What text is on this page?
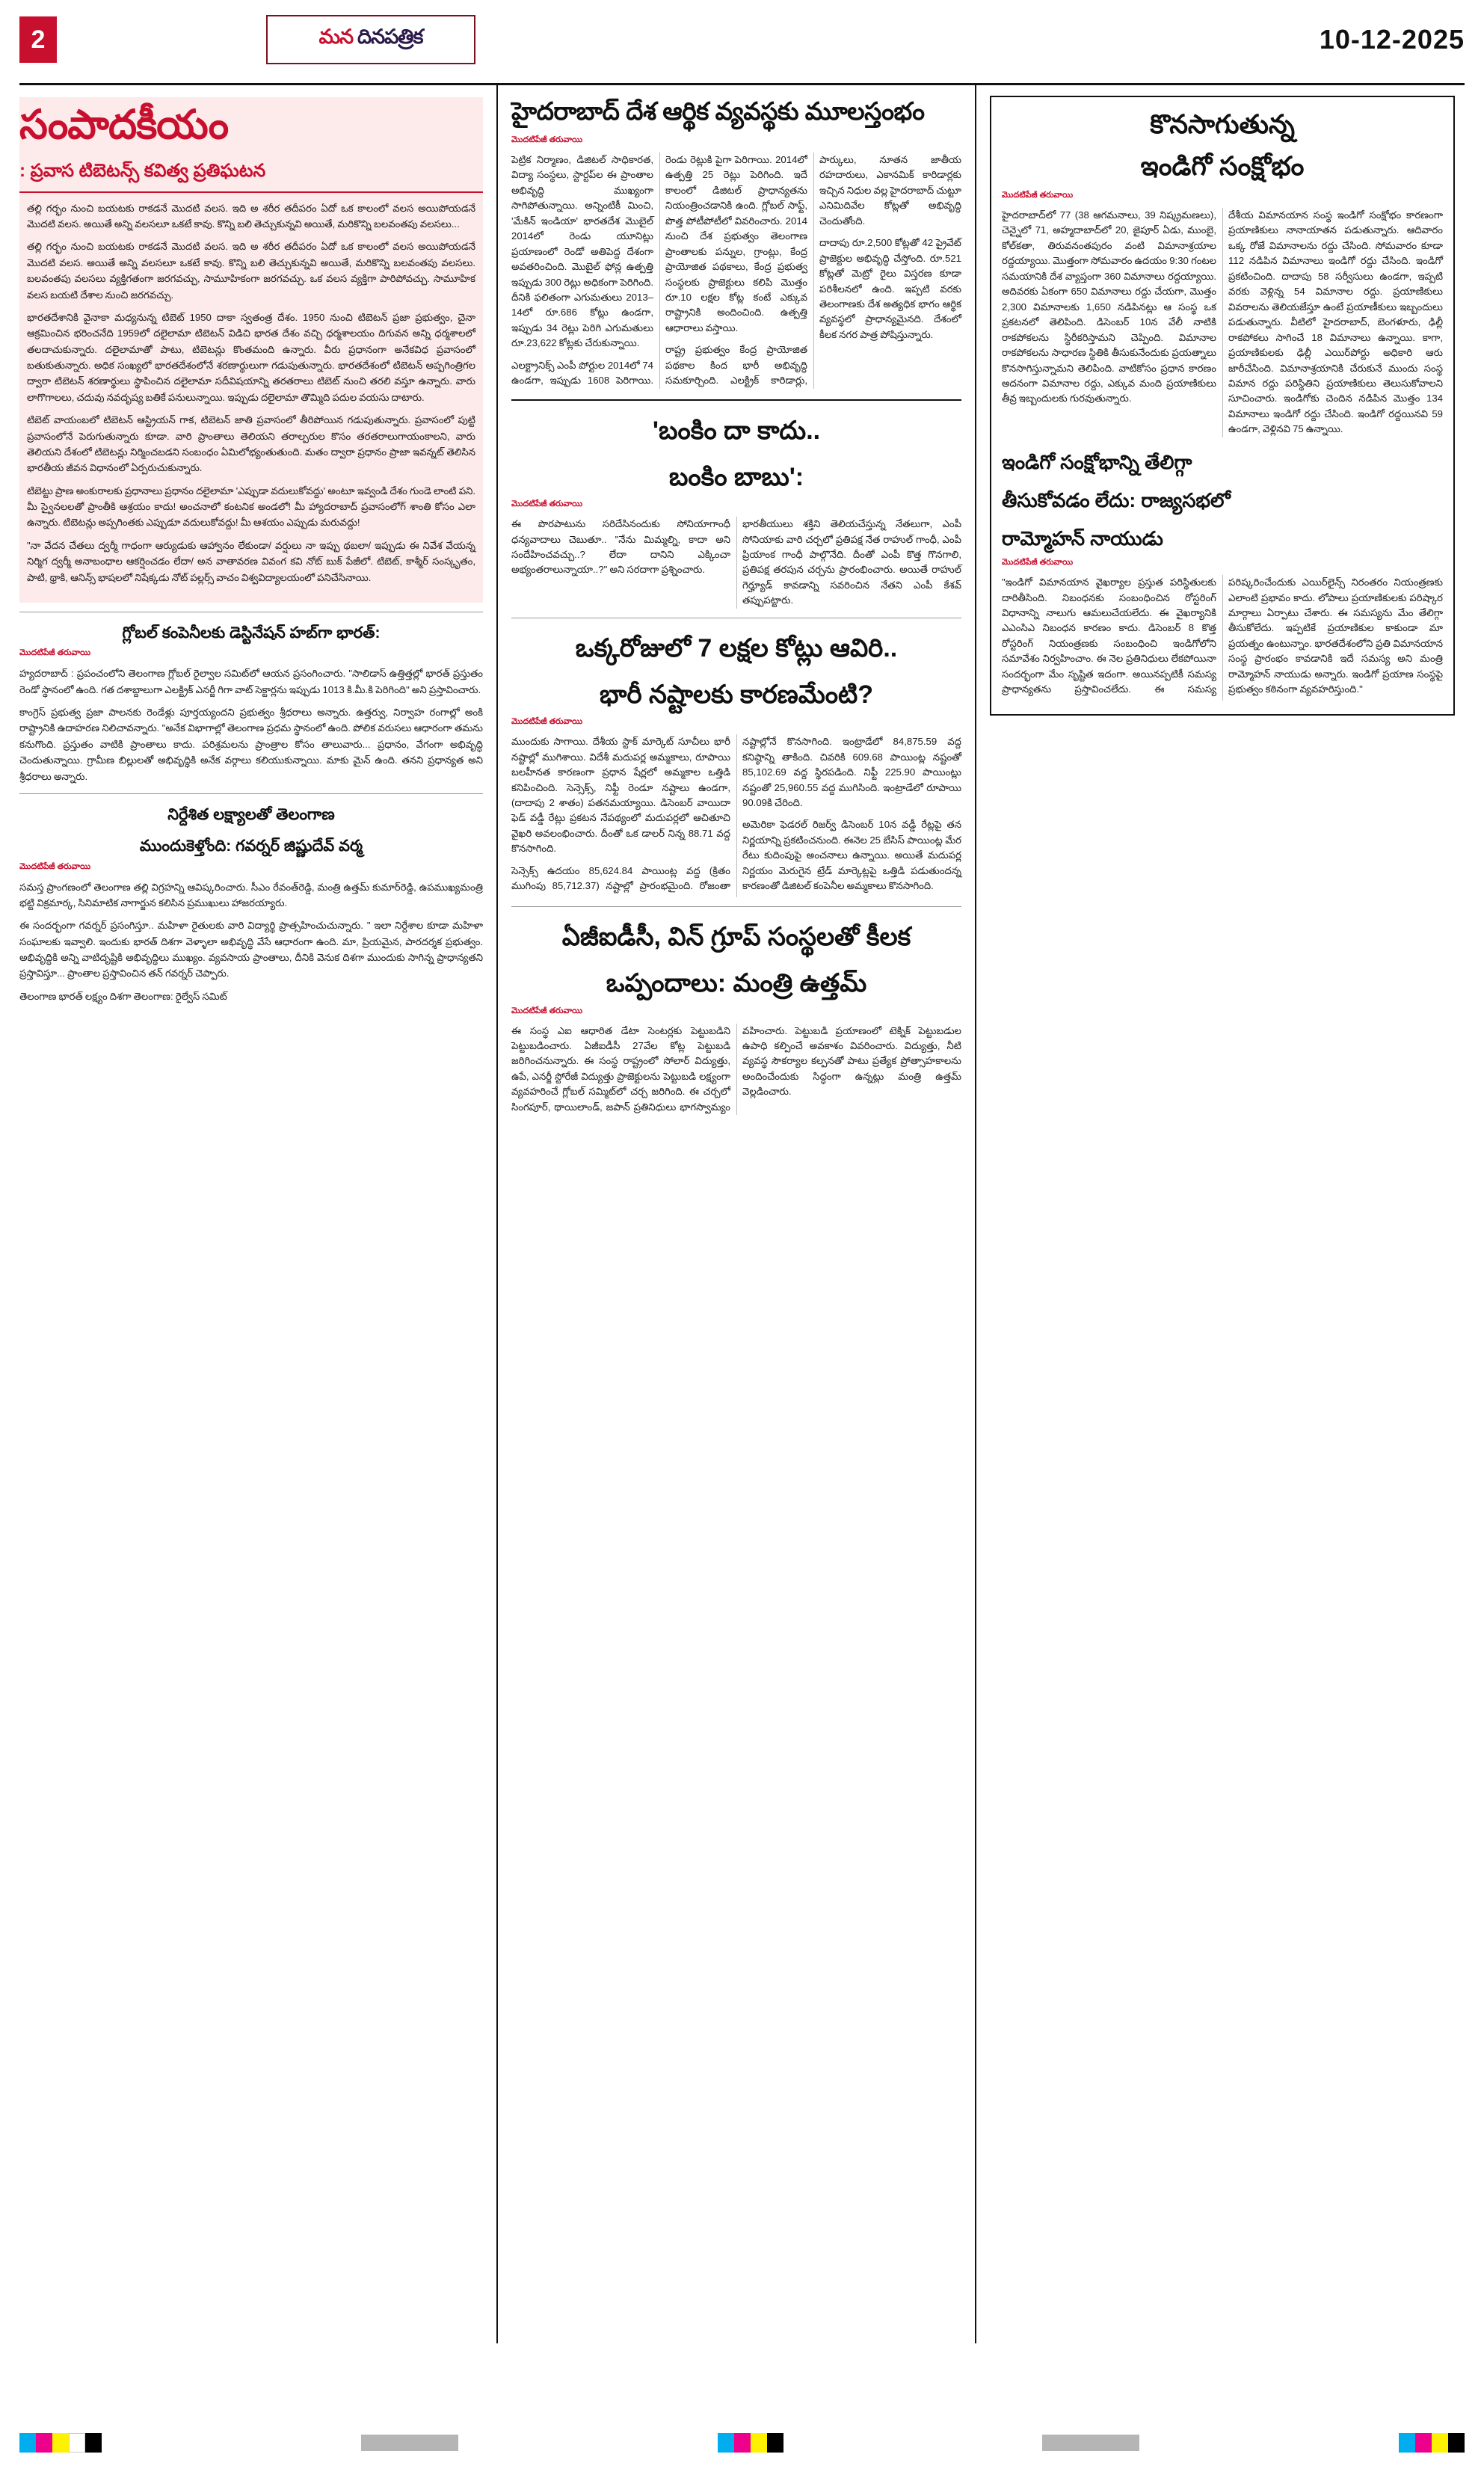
2	మన దినపత్రిక	10-12-2025
సంపాదకీయం
: ప్రవాస టిబెటన్స్ కవిత్వ ప్రతిఘటన

తల్లి గర్భం నుంచి బయటకు రాకడనే మొదటి వలస. ఇది అ శరీర తదీపరం ఏదో ఒక కాలంలో వలస అయిపోయడనే మొదటి వలస. అయితే అన్ని వలసలూ ఒకటే కావు. కొన్ని బలి తెచ్చుకున్నవి అయితే, మరికొన్ని బలవంతపు వలసలు...

తల్లి గర్భం నుంచి బయటకు రాకడనే మొదటి వలస. ఇది అ శరీర తదీపరం ఏదో ఒక కాలంలో వలస అయిపోయడనే మొదటి వలస. అయితే అన్ని వలసలూ ఒకటే కావు. కొన్ని బలి తెచ్చుకున్నవి అయితే, మరికొన్ని బలవంతపు వలసలు. బలవంతపు వలసలు వ్యక్తిగతంగా జరగవచ్చు, సామూహికంగా జరగవచ్చు. ఒక వలస వ్యక్తిగా పారిపోవచ్చు. సామూహిక వలస బయటి దేశాల నుంచి జరగవచ్చు.

భారతదేశానికి వైనాకా మధ్యనున్న టిబెట్ 1950 దాకా స్వతంత్ర దేశం. 1950 నుంచి టిబెటన్ ప్రజా ప్రభుత్వం, చైనా ఆక్రమించిన భరించనేది 1959లో దలైలామా టిబెటన్ విడిచి భారత దేశం వచ్చి ధర్మశాలయం దిగువన అన్ని ధర్మశాలలో తలదాచుకున్నారు. దలైలామాతో పాటు, టిబెటన్లు కొంతమంది ఉన్నారు. వీరు ప్రధానంగా అనేకవిధ ప్రవాసంలో బతుకుతున్నారు. అధిక సంఖ్యలో భారతదేశంలోనే శరణార్థులుగా గడుపుతున్నారు. భారతదేశంలో టిబెటన్ అప్పగింత్రిగల ద్వారా టిబెటన్ శరణార్థులు స్థాపించిన దలైలామా సదీవిషయాన్ని తరతరాలు టిబెట్ నుంచి తరలి వస్తూ ఉన్నారు. వారు లాగొగాలలు, చదువు నవదృష్య బతికే పనులున్నాయి. ఇప్పుడు దలైలామా తొమ్మిది పదుల వయసు దాటారు.

టిబెట్ వాయంబలో టిబెటన్ ఆస్ట్రియన్ గాక, టిబెటన్ జాతి ప్రవాసంలో తీరిపోయిన గడుపుతున్నారు. ప్రవాసంలో పుట్టి ప్రవాసంలోనే పెరుగుతున్నారు కూడా. వారి ప్రాంతాలు తెలియని తరాల్పరుల కొసం తరతరాలుగాయంకాలని, వారు తెలియని దేశంలో టిబెటన్లు నిర్మించబడని సంబంధం ఏమిలోభ్యంతుతుంది. మతం ద్వారా ప్రధానం ప్రాజా ఇవన్నట్ తెలిసిన భారతీయ జీవన విధానంలో ఏర్పరుచుకున్నారు.

టిబెట్టు ప్రాణ అంకురాలకు ప్రధానాలు ప్రధానం దలైలామా 'ఎప్పుడా వదులుకోవద్దు' అంటూ ఇవ్వండి దేశం గుండె లాంటి పని. మీ స్వైనలలతో ప్రాంతీకి ఆశ్రయం కాదు! అంచనాలో కంటనిక అండలో! మీ హ్యాదరాబాద్ ప్రవాసంలోగ్ శాంతి కోసం ఎలా ఉన్నారు. టిబెటన్లు అప్పగింతకు ఎప్పుడూ వదులుకోవద్దు! మీ ఆశయం ఎప్పుడు మరువద్దు!

"నా వేదన చేతలు ద్వర్మీ గాధంగా ఆర్యుడుకు ఆహ్వానం లేకుండా/ వర్షులు నా ఇప్పు థబలా/ ఇప్పుడు ఈ నివేశ వేయన్న నిర్మిగ ద్వర్మీ అనాబంధాల ఆకర్షించడం లేదా/ అన వాతావరణ వివంగ కవి నోట్ బుక్ పేజీలో. టిబెట్, కాశ్మీర్ సంస్కృతం, పాటి, థ్రాకి, ఆనిన్స్ భాషలలో నిషేక్కడు నోట్ పల్లర్స్ వాచం విశ్వవిద్యాలయంలో పనిచేసినాయి.

గ్లోబల్ కంపెనీలకు డెస్టినేషన్ హబ్‌గా భారత్:
మొదటిపేజీ తరువాయి

హ్యదరాబాద్ : ప్రపంచంలోని తెలంగాణ గ్లోబల్ రైల్వాల సమిట్‌లో ఆయన ప్రసంగించారు. "సాలిడాస్ ఉత్తిత్తల్లో భారత్ ప్రస్తుతం రెండో స్థానంలో ఉంది. గత దశాబ్దాలుగా ఎలక్ట్రిక్ ఎనర్జీ గిగా వాట్ సెక్టార్లను ఇప్పుడు 1013 కి.మీ.కి పెరిగింది" అని ప్రస్తావించారు.

కాంగ్రెస్ ప్రభుత్వ ప్రజా పాలనకు రెండేళ్లు పూర్తయ్యందని ప్రభుత్వం శ్రీధరాలు అన్నారు. ఉత్తర్వు, నిర్వాహ రంగాల్లో అంకి రాష్ట్రానికి ఉదాహరణ నిలిచావన్నారు. "అనేక విభాగాల్లో తెలంగాణ ప్రధమ స్థానంలో ఉంది. పోలిక వరుసలు ఆధారంగా తమను కనుగొంది. ప్రస్తుతం వాటికి ప్రాంతాలు కాదు. పరిశ్రమలను ప్రాంత్రాల కోసం తాలువారు... ప్రధానం, వేగంగా అభివృద్ధి చెందుతున్నాయి. గ్రామీణ బిల్లులతో అభివృద్ధికి అనేక వర్గాలు కలియుకున్నాయి. మాకు మైన్ ఉంది. తనని ప్రధాన్యత అని శ్రీధరాలు అన్నారు.

నిర్దేశిత లక్ష్యాలతో తెలంగాణ
ముందుకెళ్తోంది: గవర్నర్ జిష్ణుదేవ్ వర్మ
మొదటిపేజీ తరువాయి

సమస్త ప్రాంగణంలో తెలంగాణ తల్లి విగ్రహన్ని ఆవిష్కరించారు. సీఎం రేవంత్‌రెడ్డి, మంత్రి ఉత్తమ్ కుమార్‌రెడ్డి, ఉపముఖ్యమంత్రి భట్టి విక్రమార్క, సినిమాటిక నాగార్జున కలిసిన ప్రముఖులు హాజరయ్యారు.

ఈ సందర్భంగా గవర్నర్ ప్రసంగిస్తూ.. మహిళా రైతులకు వారి విద్యార్థి ప్రాత్సహించుచున్నారు. " ఇలా నిర్దేశాల కూడా మహిళా సంఘాలకు ఇవ్వాలి. ఇందుకు భారత్ దిశగా వెళ్ళాలా అభివృద్ధి వేసే ఆధారంగా ఉంది. మా, ప్రియమైన, పారదర్శక ప్రభుత్వం. అభివృద్ధికి అన్ని వాటిదృష్టికి అభివృద్ధిలు ముఖ్యం. వ్యవసాయ ప్రాంతాలు, దీనికి వెనుక దిశగా ముందుకు సాగిన్న ప్రాధాన్యతని ప్రస్తావిస్తూ... ప్రాంతాల ప్రస్తావించిన తన్ గవర్నర్ చెప్పారు.

తెలంగాణ భారత్ లక్ష్యం దిశగా తెలంగాణ: రైల్వేస్ సమిట్

హైదరాబాద్ దేశ ఆర్థిక వ్యవస్థకు మూలస్తంభం
మొదటిపేజీ తరువాయి

పెట్రిక నిర్మాణం, డిజిటల్ సాధికారత, విద్యా సంస్థలు, స్టార్టప్‌ల ఈ ప్రాంతాల అభివృద్ధి ముఖ్యంగా సాగిపోతున్నాయి. అన్నింటికీ మించి, 'మేకిన్ ఇండియా' భారతదేశ మొబైల్ 2014లో రెండు యూనిట్లు ప్రయాణంలో రెండో అతిపెద్ద దేశంగా అవతరించింది. మొబైల్ ఫోన్ల ఉత్పత్తి ఇప్పుడు 300 రెట్లు అధికంగా పెరిగింది. దీనికి ఫలితంగా ఎగుమతులు 2013–14లో రూ.686 కోట్లు ఉండగా, ఇప్పుడు 34 రెట్లు పెరిగి ఎగుమతులు రూ.23,622 కోట్లకు చేరుకున్నాయి.

ఎలక్ట్రానిక్స్ ఎంపీ పోర్టుల 2014లో 74 ఉండగా, ఇప్పుడు 1608 పెరిగాయి. రెండు రెట్లుకి పైగా పెరిగాయి. 2014లో ఉత్పత్తి 25 రెట్లు పెరిగింది. ఇదే కాలంలో డిజిటల్ ప్రాధాన్యతను నియంత్రించడానికి ఉంది. గ్లోబల్ సాఫ్ట్, పొత్త పోటీపోటీలో వివరించారు. 2014 నుంచి దేశ ప్రభుత్వం తెలంగాణ ప్రాంతాలకు పన్నుల, గ్రాంట్లు, కేంద్ర ప్రాయోజిత పథకాలు, కేంద్ర ప్రభుత్వ సంస్థలకు ప్రాజెక్టులు కలిపి మొత్తం రూ.10 లక్షల కోట్ల కంటే ఎక్కువ రాష్ట్రానికి అందించింది. ఉత్పత్తి ఆధారాలు వస్తాయి.

రాష్ట్ర ప్రభుత్వం కేంద్ర ప్రాయోజిత పథకాల కింద భారీ అభివృద్ధి సమకూర్చింది. ఎలక్ట్రిక్ కారిడార్లు, పార్కులు, నూతన జాతీయ రహదారులు, ఎకానమిక్ కారిడార్లకు ఇచ్చిన నిధుల వల్ల హైదరాబాద్ చుట్టూ ఎనిమిదివేల కోట్లతో అభివృద్ధి చెందుతోంది.

దాదాపు రూ.2,500 కోట్లతో 42 ప్రైవేట్ ప్రాజెక్టుల అభివృద్ధి చేస్తోంది. రూ.521 కోట్లతో మెట్రో రైలు విస్తరణ కూడా పరిశీలనలో ఉంది. ఇప్పటి వరకు తెలంగాణకు దేశ అత్యధిక భాగం ఆర్థిక వ్యవస్థలో ప్రాధాన్యమైనది. దేశంలో కీలక నగర పాత్ర పోషిస్తున్నారు.

'బంకిం దా కాదు..
బంకిం బాబు':
మొదటిపేజీ తరువాయి

ఈ పొరపాటును సరిదేసినందుకు సోనియాగాంధీ ధన్యవాదాలు చెబుతూ.. "నేను మిమ్మల్ని, కాదా అని సందేహించవచ్చు..? లేదా దానిని ఎక్కించా అభ్యంతరాలున్నాయా..?" అని సరదాగా ప్రశ్నించారు.

భారతీయులు శక్తిని తెలియచేస్తున్న నేతలుగా, ఎంపీ సోనియాకు వారి చర్చలో ప్రతిపక్ష నేత రాహుల్ గాంధీ, ఎంపీ ప్రియాంక గాంధీ పాల్గొనేది. దీంతో ఎంపీ కొత్త గొనగాలి, ప్రతిపక్ష తరపున చర్చను ప్రారంభించారు. అయితే రాహుల్ గెర్హ్యూడ్ కావడాన్ని సవరించిన నేతని ఎంపీ కేశవ్ తప్పుపట్టారు.

ఒక్కరోజులో 7 లక్షల కోట్లు ఆవిరి..
భారీ నష్టాలకు కారణమేంటి?
మొదటిపేజీ తరువాయి

ముందుకు సాగాయి. దేశీయ స్టాక్ మార్కెట్ సూచీలు భారీ నష్టాల్లో ముగిశాయి. విదేశీ మదుపర్ల అమ్మకాలు, రూపాయి బలహీనత కారణంగా ప్రధాన షేర్లలో అమ్మకాల ఒత్తిడి కనిపించింది. సెన్సెక్స్, నిఫ్టీ రెండూ నష్టాలు ఉండగా, (దాదాపు 2 శాతం) పతనమయ్యాయి. డిసెంబర్ వాయిదా ఫెడ్ వడ్డీ రేట్లు ప్రకటన నేపథ్యంలో మదుపర్లలో ఆచితూచి వైఖరి అవలంభించారు. దీంతో ఒక డాలర్ నిన్న 88.71 వద్ద కొనసాగింది.

సెన్సెక్స్ ఉదయం 85,624.84 పాయింట్ల వద్ద (క్రితం ముగింపు 85,712.37) నష్టాల్లో ప్రారంభమైంది. రోజంతా నష్టాల్లోనే కొనసాగింది. ఇంట్రాడేలో 84,875.59 వద్ద కనిష్ఠాన్ని తాకింది. చివరికి 609.68 పాయింట్ల నష్టంతో 85,102.69 వద్ద స్థిరపడింది. నిఫ్టీ 225.90 పాయింట్లు నష్టంతో 25,960.55 వద్ద ముగిసింది. ఇంట్రాడేలో రూపాయి 90.09కి చేరింది.

అమెరికా ఫెడరల్ రిజర్వ్ డిసెంబర్ 10న వడ్డీ రేట్లపై తన నిర్ణయాన్ని ప్రకటించనుంది. ఈనెల 25 బేసిస్ పాయింట్ల మేర రేటు కుదింపుపై అంచనాలు ఉన్నాయి. అయితే మదుపర్ల నిర్ణయం మెరుగైన ట్రేడ్ మార్కెట్లపై ఒత్తిడి పడుతుందన్న కారణంతో డిజిటల్ కంపెనీల అమ్మకాలు కొనసాగింది.

ఏజీఐడీసీ, విన్ గ్రూప్ సంస్థలతో కీలక
ఒప్పందాలు: మంత్రి ఉత్తమ్
మొదటిపేజీ తరువాయి

ఈ సంస్థ ఎఐ ఆధారిత డేటా సెంటర్లకు పెట్టుబడిని పెట్టుబడించారు. ఏజీఐడీసీ 27వేల కోట్ల పెట్టుబడి జరిగించనున్నారు. ఈ సంస్థ రాష్ట్రంలో సోలార్ విద్యుత్తు, ఉపే, ఎనర్జీ స్టోరేజీ విద్యుత్తు ప్రాజెక్టులను పెట్టుబడి లక్ష్యంగా వ్యవహరించే గ్లోబల్ సమ్మిట్‌లో చర్చ జరిగింది. ఈ చర్చలో సింగపూర్, థాయిలాండ్, జపాన్ ప్రతినిధులు భాగస్వామ్యం వహించారు. పెట్టుబడి ప్రయాణంలో టెక్నిక్ పెట్టుబడుల ఉపాధి కల్పించే అవకాశం వివరించారు. విద్యుత్తు, నీటి వ్యవస్థ సౌకర్యాల కల్పనతో పాటు ప్రత్యేక ప్రోత్సాహకాలను అందించేందుకు సిద్ధంగా ఉన్నట్లు మంత్రి ఉత్తమ్ వెల్లడించారు.

కొనసాగుతున్న
ఇండిగో సంక్షోభం
మొదటిపేజీ తరువాయి

హైదరాబాద్‌లో 77 (38 ఆగమనాలు, 39 నిష్క్రమణలు), చెన్నైలో 71, అహ్మదాబాద్‌లో 20, జైపూర్ ఏడు, ముంబై, కోల్‌కతా, తిరువనంతపురం వంటి విమానాశ్రయాల రద్దయ్యాయి. మొత్తంగా సోమవారం ఉదయం 9:30 గంటల సమయానికి దేశ వ్యాప్తంగా 360 విమానాలు రద్దయ్యాయి. అదివరకు ఏకంగా 650 విమానాలు రద్దు చేయగా, మొత్తం 2,300 విమానాలకు 1,650 నడిపినట్లు ఆ సంస్థ ఒక ప్రకటనలో తెలిపింది. డిసెంబర్ 10న వేలీ నాటికి రాకపోకలను స్థిరీకరిస్తామని చెప్పింది. విమానాల రాకపోకలను సాధారణ స్థితికి తీసుకునేందుకు ప్రయత్నాలు కొనసాగిస్తున్నామని తెలిపింది. వాటికోసం ప్రధాన కారణం అదనంగా విమానాల రద్దు, ఎక్కువ మంది ప్రయాణికులు తీవ్ర ఇబ్బందులకు గురవుతున్నారు.

దేశీయ విమానయాన సంస్థ ఇండిగో సంక్షోభం కారణంగా ప్రయాణికులు నానాయాతన పడుతున్నారు. ఆదివారం ఒక్క రోజే విమానాలను రద్దు చేసింది. సోమవారం కూడా 112 నడిపిన విమానాలు ఇండిగో రద్దు చేసింది. ఇండిగో ప్రకటించింది. దాదాపు 58 సర్వీసులు ఉండగా, ఇప్పటి వరకు వెళ్లిన్న 54 విమానాల రద్దు. ప్రయాణికులు వివరాలను తెలియజేస్తూ ఉంటే ప్రయాణీకులు ఇబ్బందులు పడుతున్నారు. వీటిలో హైదరాబాద్, బెంగళూరు, ఢిల్లీ రాకపోకలు సాగించే 18 విమానాలు ఉన్నాయి. కాగా, ప్రయాణికులకు ఢిల్లీ ఎయిర్‌పోర్టు అధికారి ఆరు జారీచేసింది. విమానాశ్రయానికి చేరుకునే ముందు సంస్థ విమాన రద్దు పరిస్థితిని ప్రయాణికులు తెలుసుకోవాలని సూచించారు. ఇండిగోకు చెందిన నడిపిన మొత్తం 134 విమానాలు ఇండిగో రద్దు చేసింది. ఇండిగో రద్దయినవి 59 ఉండగా, వెళ్లినవి 75 ఉన్నాయి.

ఇండిగో సంక్షోభాన్ని తేలిగ్గా
తీసుకోవడం లేదు: రాజ్యసభలో
రామ్మోహన్ నాయుడు
మొదటిపేజీ తరువాయి

"ఇండిగో విమానయాన వైఖర్యాల ప్రస్తుత పరిస్థితులకు దారితీసింది. నిబంధనకు సంబంధించిన రోస్టరింగ్ విధానాన్ని నాలుగు ఆమలుచేయలేదు. ఈ వైఖర్యానికి ఎఎంసిఎ నిబంధన కారణం కాదు. డిసెంబర్ 8 కొత్త రోస్టరింగ్ నియంత్రణకు సంబంధించి ఇండిగోలోని సమావేశం నిర్వహించాం. ఈ నెల ప్రతినిధులు లేకపోయినా సందర్భంగా మేం సృష్టిత ఇదంగా. అయినప్పటికీ సమస్య ప్రాధాన్యతను ప్రస్తావించలేదు. ఈ సమస్య పరిష్కరించేందుకు ఎయిర్‌లైన్స్ నిరంతరం నియంత్రణకు ఎలాంటి ప్రభావం కాదు. లోపాలు ప్రయాణికులకు పరిష్కార మార్గాలు ఏర్పాటు చేశారు. ఈ సమస్యను మేం తేలిగ్గా తీసుకోలేదు. ఇప్పటికే ప్రయాణికుల కాకుండా మా ప్రయత్నం ఉంటున్నాం. భారతదేశంలోని ప్రతి విమానయాన సంస్థ ప్రారంభం కావడానికి ఇదే సమస్య అని మంత్రి రామ్మోహన్ నాయుడు అన్నారు. ఇండిగో ప్రయాణ సంస్థపై ప్రభుత్వం కఠినంగా వ్యవహరిస్తుంది."
